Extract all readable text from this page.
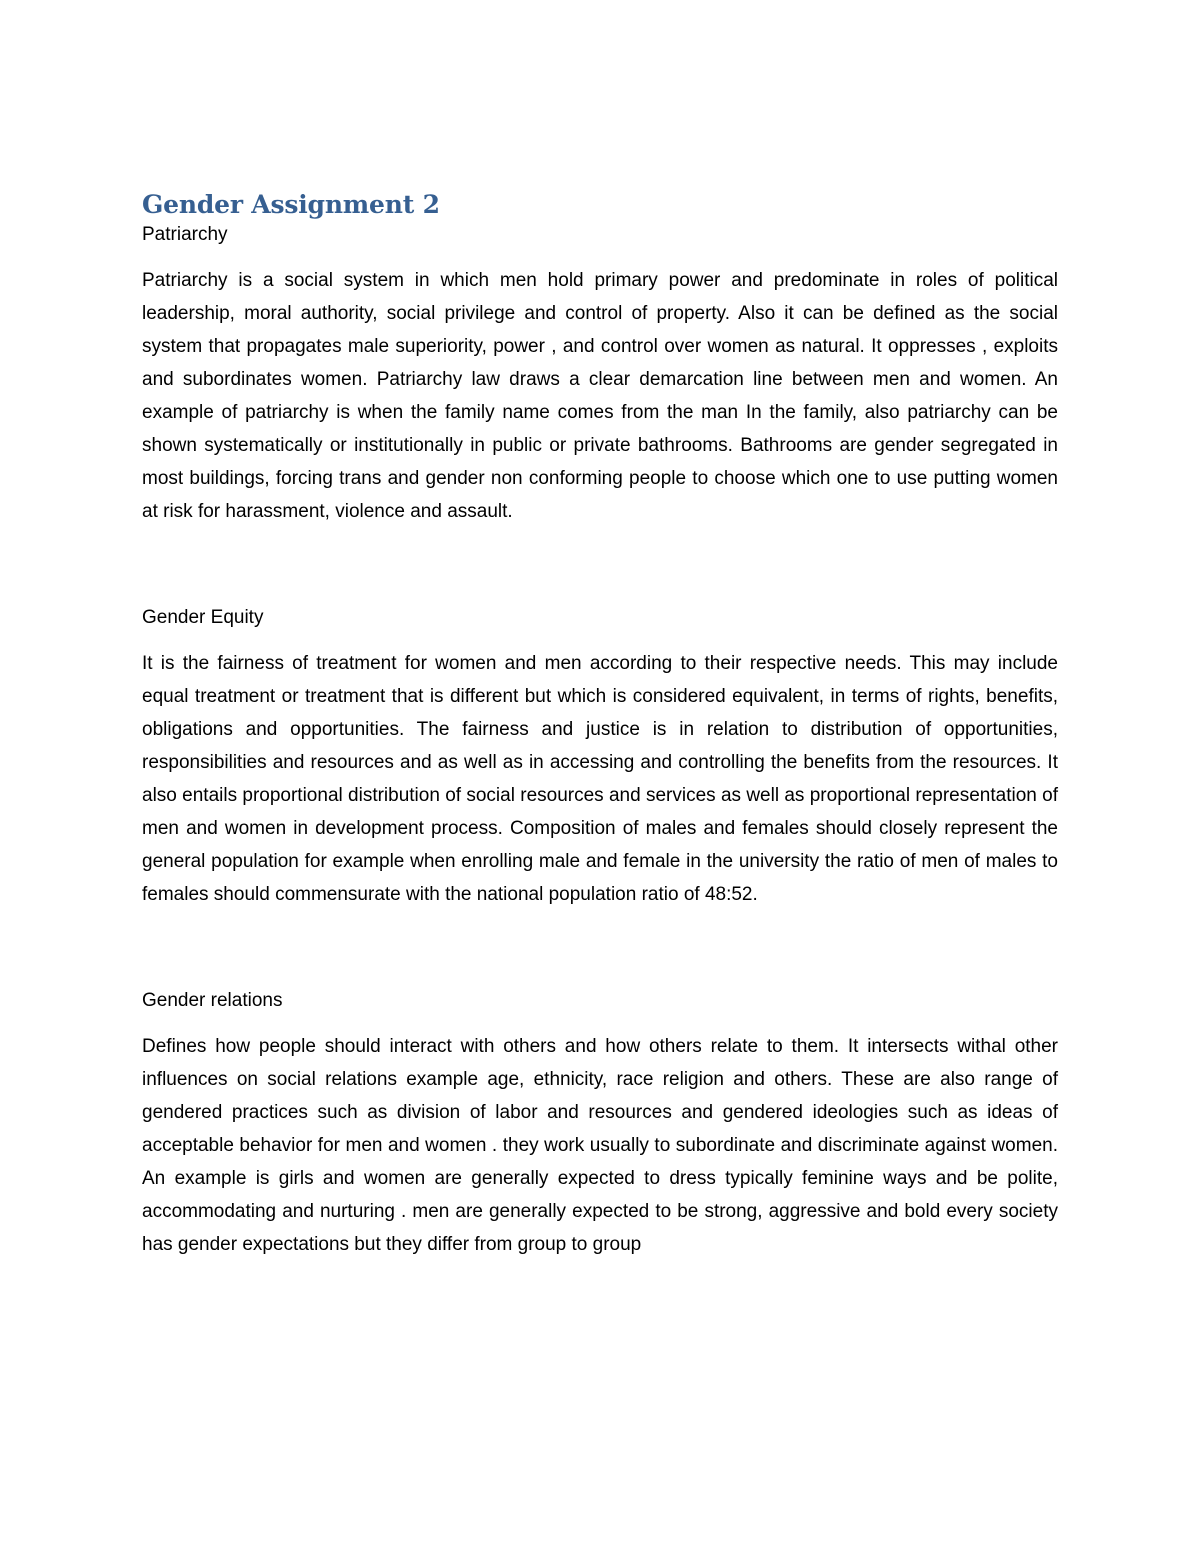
Gender Assignment 2
Patriarchy

Patriarchy is a social system in which men hold primary power and predominate in roles of political leadership, moral authority, social privilege and control of property. Also it can be defined as the social system that propagates male superiority, power , and control over women as natural. It oppresses , exploits and subordinates women. Patriarchy law draws a clear demarcation line between men and women. An example of patriarchy is when the family name comes from the man In the family, also patriarchy can be shown systematically or institutionally in public or private bathrooms. Bathrooms are gender segregated in most buildings, forcing trans and gender non conforming people to choose which one to use putting women at risk for harassment, violence and assault.

Gender Equity

It is the fairness of treatment for women and men according to their respective needs. This may include equal treatment or treatment that is different but which is considered equivalent, in terms of rights, benefits, obligations and opportunities. The fairness and justice is in relation to distribution of opportunities, responsibilities and resources and as well as in accessing and controlling the benefits from the resources. It also entails proportional distribution of social resources and services as well as proportional representation of men and women in development process. Composition of males and females should closely represent the general population for example when enrolling male and female in the university the ratio of men of males to females should commensurate with the national population ratio of 48:52.

Gender relations

Defines how people should interact with others and how others relate to them. It intersects withal other influences on social relations example age, ethnicity, race religion and others. These are also range of gendered practices such as division of labor and resources and gendered ideologies such as ideas of acceptable behavior for men and women . they work usually to subordinate and discriminate against women. An example is girls and women are generally expected to dress typically feminine ways and be polite, accommodating and nurturing . men are generally expected to be strong, aggressive and bold every society has gender expectations but they differ from group to group
